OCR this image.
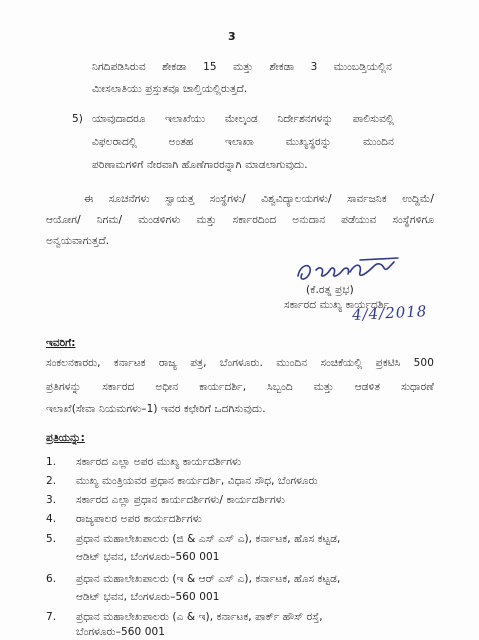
3
ನಿಗದಿಪಡಿಸಿರುವ ಶೇಕಡಾ 15 ಮತ್ತು ಶೇಕಡಾ 3 ಮುಂಬಡ್ತಿಯಲ್ಲಿನ
ಮೀಸಲಾತಿಯು ಪ್ರಸ್ತುತವೂ ಚಾಲ್ತಿಯಲ್ಲಿರುತ್ತದೆ.
5) ಯಾವುದಾದರೂ ಇಲಾಖೆಯು ಮೇಲ್ಕಂಡ ನಿರ್ದೇಶನಗಳನ್ನು ಪಾಲಿಸುವಲ್ಲಿ
ವಿಫಲರಾದಲ್ಲಿ ಅಂತಹ ಇಲಾಖಾ ಮುಖ್ಯಸ್ಥರನ್ನು ಮುಂದಿನ
ಪರಿಣಾಮಗಳಿಗೆ ನೇರವಾಗಿ ಹೊಣೆಗಾರರನ್ನಾಗಿ ಮಾಡಲಾಗುವುದು.
ಈ ಸೂಚನೆಗಳು ಸ್ವಾಯತ್ತ ಸಂಸ್ಥೆಗಳು/ ವಿಶ್ವವಿದ್ಯಾಲಯಗಳು/ ಸಾರ್ವಜನಿಕ ಉದ್ದಿಮೆ/
ಆಯೋಗ/ ನಿಗಮ/ ಮಂಡಳಿಗಳು ಮತ್ತು ಸರ್ಕಾರದಿಂದ ಅನುದಾನ ಪಡೆಯುವ ಸಂಸ್ಥೆಗಳಿಗೂ
ಅನ್ವಯವಾಗುತ್ತದೆ.
(ಕೆ.ರತ್ನ ಪ್ರಭ)
ಸರ್ಕಾರದ ಮುಖ್ಯ ಕಾರ್ಯದರ್ಶಿ
4/4/2018
ಇವರಿಗೆ:
ಸಂಕಲನಕಾರರು, ಕರ್ನಾಟಕ ರಾಜ್ಯ ಪತ್ರ, ಬೆಂಗಳೂರು. ಮುಂದಿನ ಸಂಚಿಕೆಯಲ್ಲಿ ಪ್ರಕಟಿಸಿ 500
ಪ್ರತಿಗಳನ್ನು ಸರ್ಕಾರದ ಅಧೀನ ಕಾರ್ಯದರ್ಶಿ, ಸಿಬ್ಬಂದಿ ಮತ್ತು ಆಡಳಿತ ಸುಧಾರಣೆ
ಇಲಾಖೆ(ಸೇವಾ ನಿಯಮಗಳು–1) ಇವರ ಕಛೇರಿಗೆ ಒದಗಿಸುವುದು.
ಪ್ರತಿಯನ್ನು:
1. ಸರ್ಕಾರದ ಎಲ್ಲಾ ಅಪರ ಮುಖ್ಯ ಕಾರ್ಯದರ್ಶಿಗಳು
2. ಮುಖ್ಯ ಮಂತ್ರಿಯವರ ಪ್ರಧಾನ ಕಾರ್ಯದರ್ಶಿ, ವಿಧಾನ ಸೌಧ, ಬೆಂಗಳೂರು
3. ಸರ್ಕಾರದ ಎಲ್ಲಾ ಪ್ರಧಾನ ಕಾರ್ಯದರ್ಶಿಗಳು/ ಕಾರ್ಯದರ್ಶಿಗಳು
4. ರಾಜ್ಯಪಾಲರ ಅಪರ ಕಾರ್ಯದರ್ಶಿಗಳು
5. ಪ್ರಧಾನ ಮಹಾಲೇಖಪಾಲರು (ಜಿ & ಎಸ್ ಎಸ್ ಎ), ಕರ್ನಾಟಕ, ಹೊಸ ಕಟ್ಟಡ,
ಆಡಿಟ್ ಭವನ, ಬೆಂಗಳೂರು–560 001
6. ಪ್ರಧಾನ ಮಹಾಲೇಖಪಾಲರು (ಇ & ಆರ್ ಎಸ್ ಎ), ಕರ್ನಾಟಕ, ಹೊಸ ಕಟ್ಟಡ,
ಆಡಿಟ್ ಭವನ, ಬೆಂಗಳೂರು–560 001
7. ಪ್ರಧಾನ ಮಹಾಲೇಖಪಾಲರು (ಎ & ಇ), ಕರ್ನಾಟಕ, ಪಾರ್ಕ್ ಹೌಸ್ ರಸ್ತೆ,
ಬೆಂಗಳೂರು–560 001
